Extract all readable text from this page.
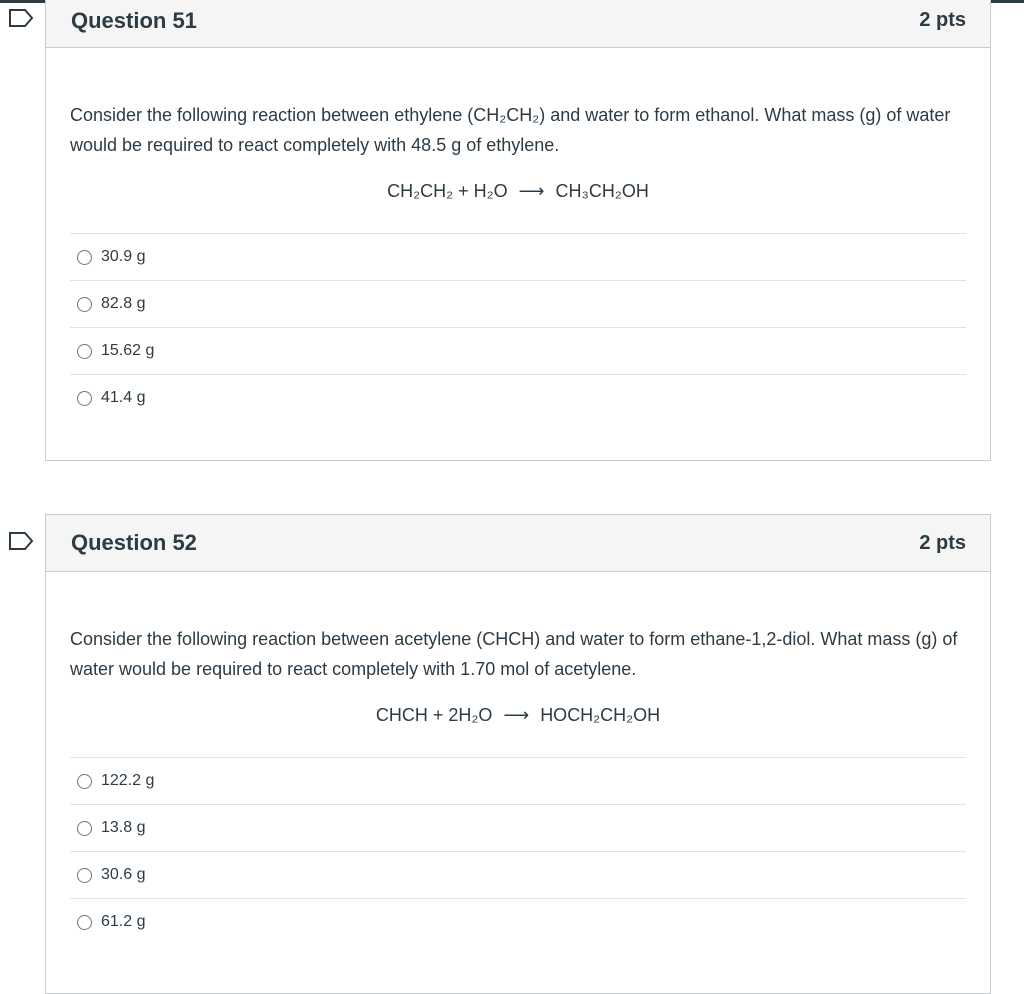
Question 51	2 pts

Consider the following reaction between ethylene (CH₂CH₂) and water to form ethanol. What mass (g) of water would be required to react completely with 48.5 g of ethylene.

CH₂CH₂ + H₂O ⟶ CH₃CH₂OH
30.9 g
82.8 g
15.62 g
41.4 g
Question 52	2 pts

Consider the following reaction between acetylene (CHCH) and water to form ethane-1,2-diol. What mass (g) of water would be required to react completely with 1.70 mol of acetylene.

CHCH + 2H₂O ⟶ HOCH₂CH₂OH
122.2 g
13.8 g
30.6 g
61.2 g
